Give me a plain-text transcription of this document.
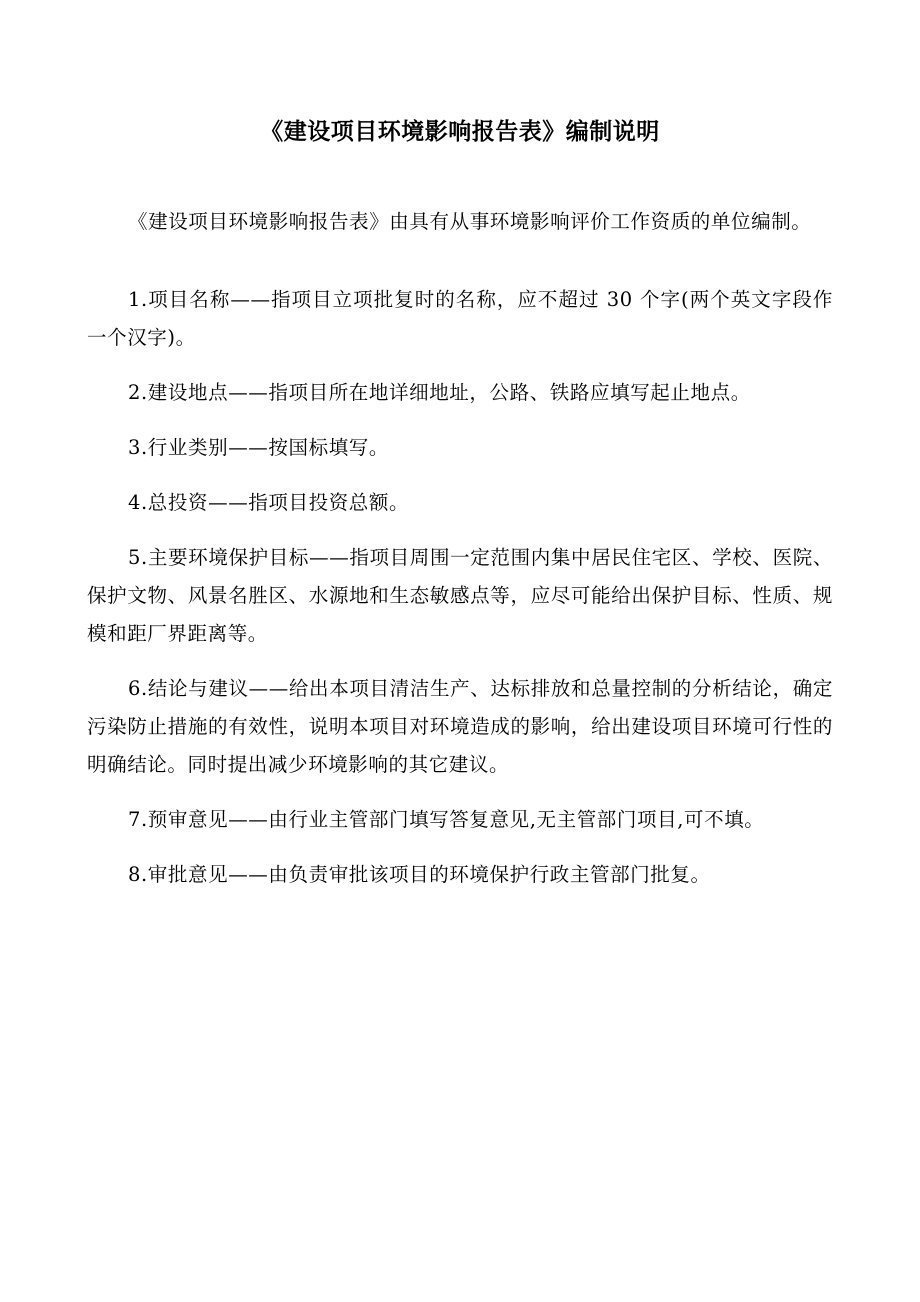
《建设项目环境影响报告表》编制说明

《建设项目环境影响报告表》由具有从事环境影响评价工作资质的单位编制。

1.项目名称——指项目立项批复时的名称，应不超过 30 个字(两个英文字段作一个汉字)。

2.建设地点——指项目所在地详细地址，公路、铁路应填写起止地点。

3.行业类别——按国标填写。

4.总投资——指项目投资总额。

5.主要环境保护目标——指项目周围一定范围内集中居民住宅区、学校、医院、保护文物、风景名胜区、水源地和生态敏感点等，应尽可能给出保护目标、性质、规模和距厂界距离等。

6.结论与建议——给出本项目清洁生产、达标排放和总量控制的分析结论，确定污染防止措施的有效性，说明本项目对环境造成的影响，给出建设项目环境可行性的明确结论。同时提出减少环境影响的其它建议。

7.预审意见——由行业主管部门填写答复意见,无主管部门项目,可不填。

8.审批意见——由负责审批该项目的环境保护行政主管部门批复。
